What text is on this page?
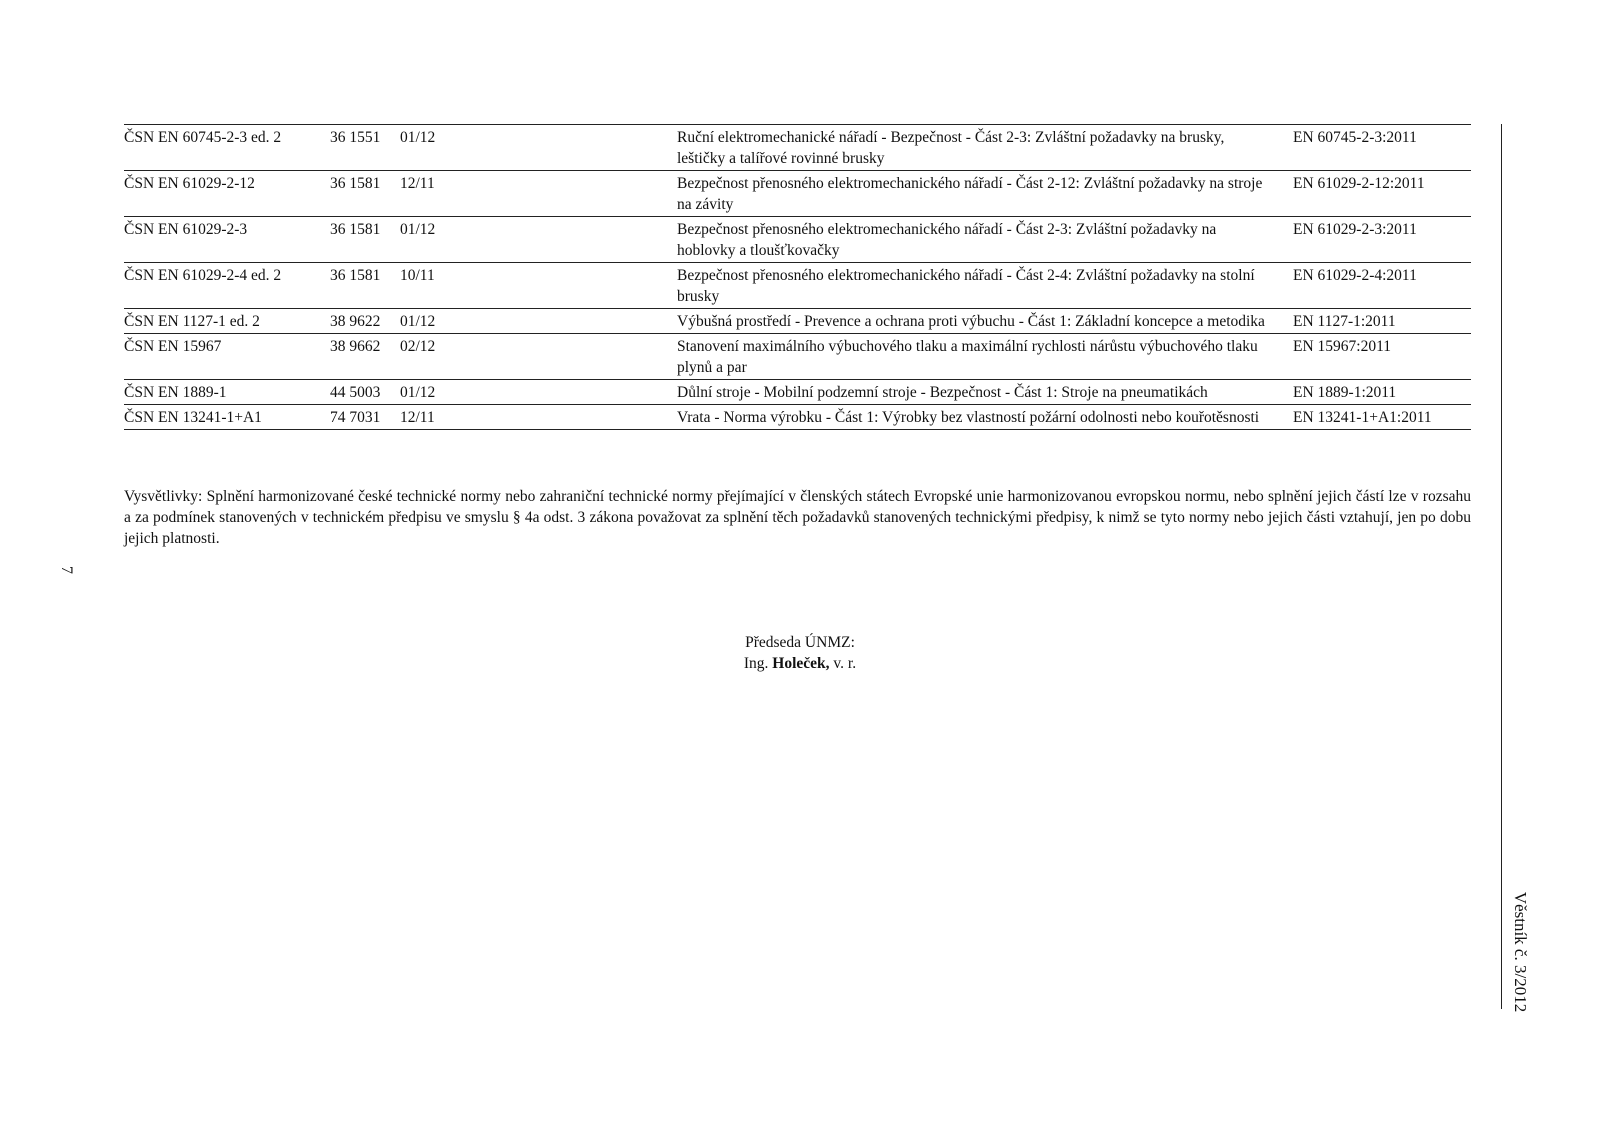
ČSN EN 60745-2-3 ed. 2	36 1551	01/12	Ruční elektromechanické nářadí - Bezpečnost - Část 2-3: Zvláštní požadavky na brusky, leštičky a talířové rovinné brusky	EN 60745-2-3:2011
ČSN EN 61029-2-12	36 1581	12/11	Bezpečnost přenosného elektromechanického nářadí - Část 2-12: Zvláštní požadavky na stroje na závity	EN 61029-2-12:2011
ČSN EN 61029-2-3	36 1581	01/12	Bezpečnost přenosného elektromechanického nářadí - Část 2-3: Zvláštní požadavky na hoblovky a tloušťkovačky	EN 61029-2-3:2011
ČSN EN 61029-2-4 ed. 2	36 1581	10/11	Bezpečnost přenosného elektromechanického nářadí - Část 2-4: Zvláštní požadavky na stolní brusky	EN 61029-2-4:2011
ČSN EN 1127-1 ed. 2	38 9622	01/12	Výbušná prostředí - Prevence a ochrana proti výbuchu - Část 1: Základní koncepce a metodika	EN 1127-1:2011
ČSN EN 15967	38 9662	02/12	Stanovení maximálního výbuchového tlaku a maximální rychlosti nárůstu výbuchového tlaku plynů a par	EN 15967:2011
ČSN EN 1889-1	44 5003	01/12	Důlní stroje - Mobilní podzemní stroje - Bezpečnost - Část 1: Stroje na pneumatikách	EN 1889-1:2011
ČSN EN 13241-1+A1	74 7031	12/11	Vrata - Norma výrobku - Část 1: Výrobky bez vlastností požární odolnosti nebo kouřotěsnosti	EN 13241-1+A1:2011

Vysvětlivky: Splnění harmonizované české technické normy nebo zahraniční technické normy přejímající v členských státech Evropské unie harmonizovanou evropskou normu, nebo splnění jejich částí lze v rozsahu a za podmínek stanovených v technickém předpisu ve smyslu § 4a odst. 3 zákona považovat za splnění těch požadavků stanovených technickými předpisy, k nimž se tyto normy nebo jejich části vztahují, jen po dobu jejich platnosti.

Předseda ÚNMZ:
Ing. Holeček, v. r.
7
Věstník č. 3/2012
